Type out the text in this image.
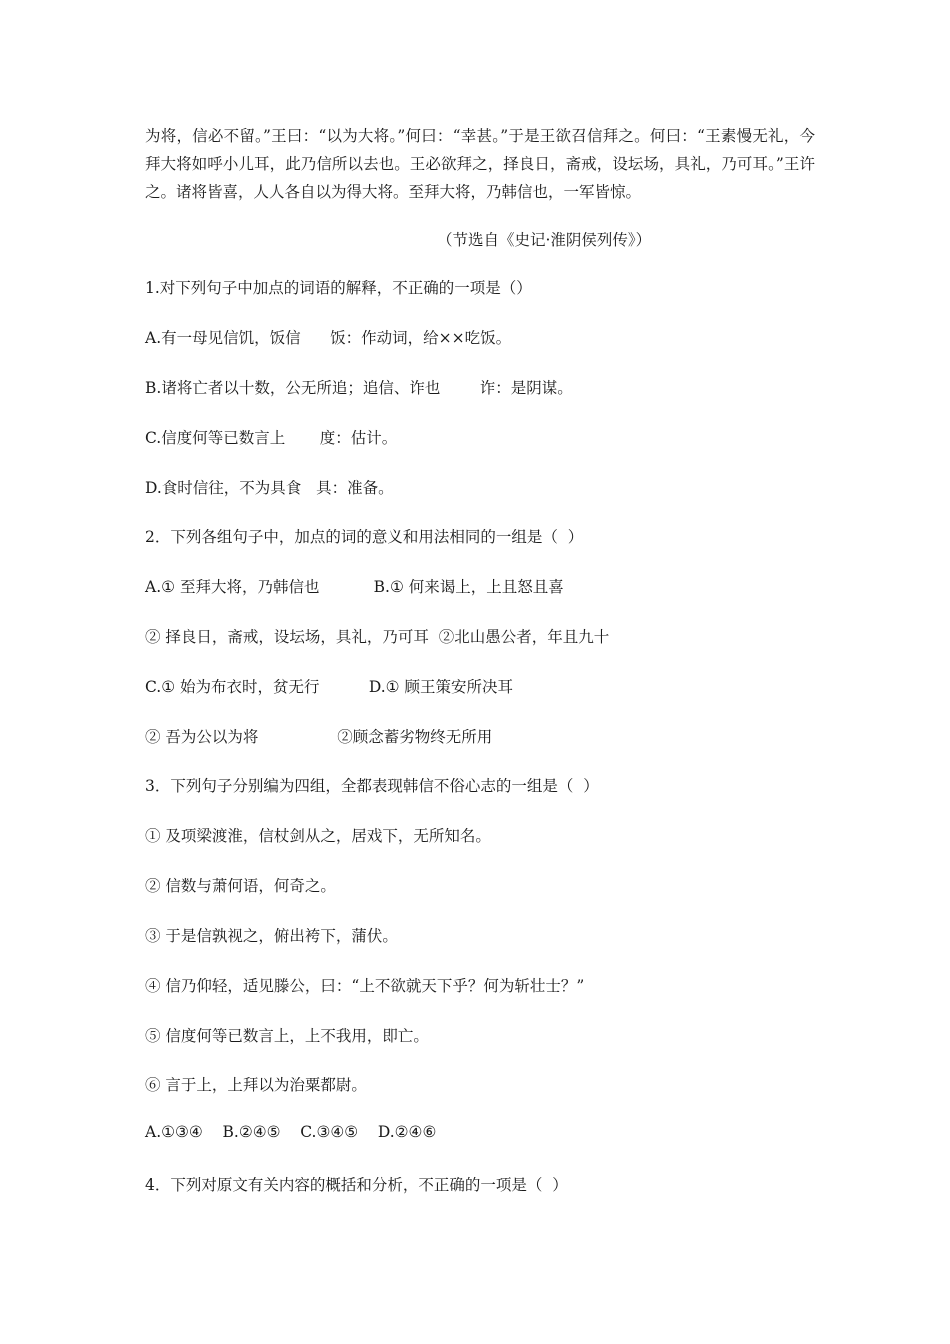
为将，信必不留。”王曰：“以为大将。”何曰：“幸甚。”于是王欲召信拜之。何曰：“王素慢无礼，今拜大将如呼小儿耳，此乃信所以去也。王必欲拜之，择良日，斋戒，设坛场，具礼，乃可耳。”王许之。诸将皆喜，人人各自以为得大将。至拜大将，乃韩信也，一军皆惊。

（节选自《史记·淮阴侯列传》）
1.对下列句子中加点的词语的解释，不正确的一项是（）
A.有一母见信饥，饭信      饭：作动词，给××吃饭。
B.诸将亡者以十数，公无所追；追信、诈也        诈：是阴谋。
C.信度何等已数言上       度：估计。
D.食时信往，不为具食   具：准备。
2．下列各组句子中，加点的词的意义和用法相同的一组是（  ）
A.① 至拜大将，乃韩信也           B.① 何来谒上，上且怒且喜
② 择良日，斋戒，设坛场，具礼，乃可耳  ②北山愚公者，年且九十
C.① 始为布衣时，贫无行          D.① 顾王策安所决耳
② 吾为公以为将                ②顾念蓄劣物终无所用
3．下列句子分别编为四组，全都表现韩信不俗心志的一组是（  ）
① 及项梁渡淮，信杖剑从之，居戏下，无所知名。
② 信数与萧何语，何奇之。
③ 于是信孰视之，俯出袴下，蒲伏。
④ 信乃仰轻，适见滕公，曰：“上不欲就天下乎？何为斩壮士？”
⑤ 信度何等已数言上，上不我用，即亡。
⑥ 言于上，上拜以为治粟都尉。
A.①③④    B.②④⑤    C.③④⑤    D.②④⑥
4．下列对原文有关内容的概括和分析，不正确的一项是（  ）
